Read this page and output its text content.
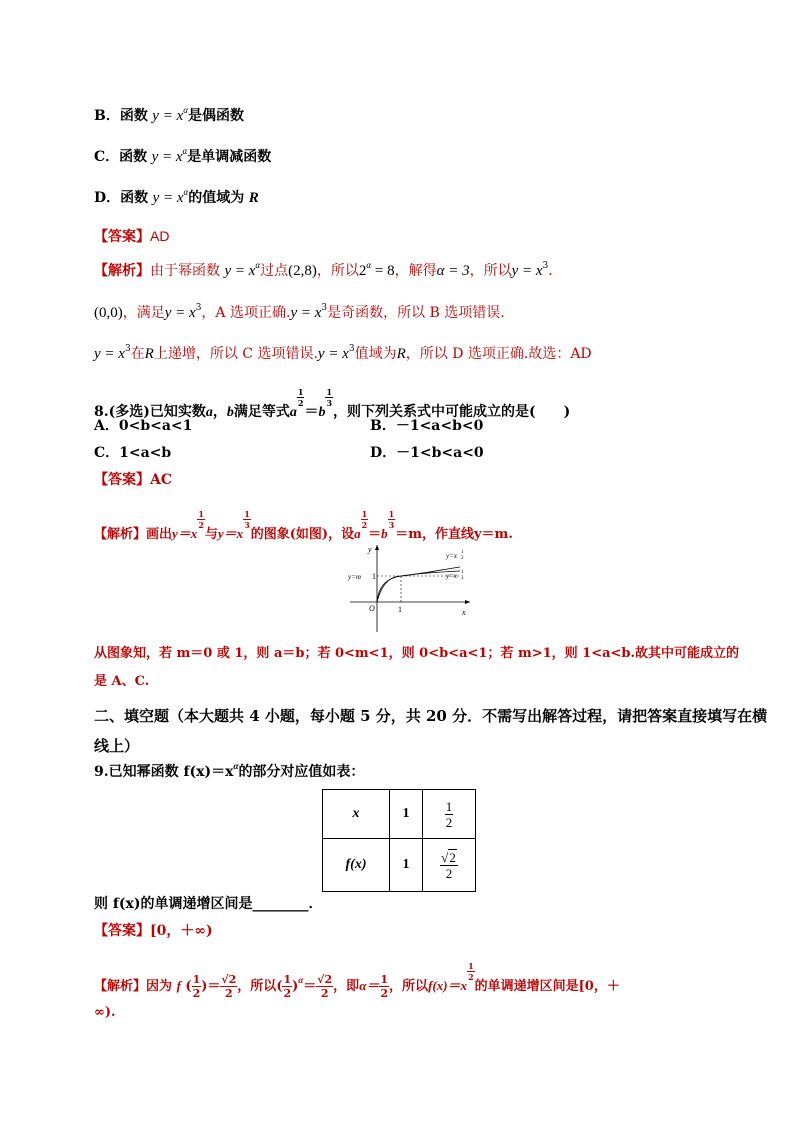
B．函数 $y = x^\alpha$是偶函数
C．函数 $y = x^\alpha$是单调减函数
D．函数 $y = x^\alpha$的值域为 R
【答案】AD
【解析】由于幂函数 $y = x^\alpha$过点(2,8)，所以$2^\alpha = 8$，解得α = 3，所以$y = x^3$.
(0,0)，满足$y = x^3$，A 选项正确$.y = x^3$是奇函数，所以 B 选项错误.
$y = x^3$在R上递增，所以 C 选项错误$.y = x^3$值域为R，所以 D 选项正确.故选：AD
8.(多选)已知实数a，b满足等式a
$\frac{1}{2}$
＝b
$\frac{1}{3}$
，则下列关系式中可能成立的是(　　)
A．0<b<a<1	B．－1<a<b<0
C．1<a<b	D．－1<b<a<0
【答案】AC
【解析】画出y＝x
$\frac{1}{2}$
与y＝x
$\frac{1}{3}$
的图象(如图)，设a
$\frac{1}{2}$
＝b
$\frac{1}{3}$
＝m，作直线y＝m.
y
x
O	1
1
y=m
y=x 1
2
y=x 1
3
从图象知，若 m＝0 或 1，则 a＝b；若 0<m<1，则 0<b<a<1；若 m>1，则 1<a<b.故其中可能成立的
是 A、C.
二、填空题（本大题共 4 小题，每小题 5 分，共 20 分．不需写出解答过程，请把答案直接填写在横
线上）
9.已知幂函数 $f(x)=x^\alpha$的部分对应值如表：
x	1	$\frac{1}{2}$

f(x)	1	$\frac{√2}{2}$
则 f(x)的单调递增区间是________．
【答案】[0，＋∞)
【解析】因为 f ( $\frac{1}{2}$ )＝ $\frac{√2}{2}$ ，所以( $\frac{1}{2} )^\alpha= \frac{√2}{2}$ ，即$\alpha= \frac{1}{2}$ ，所以f(x)＝x
$\frac{1}{2}$
的单调递增区间是[0，＋
∞).
